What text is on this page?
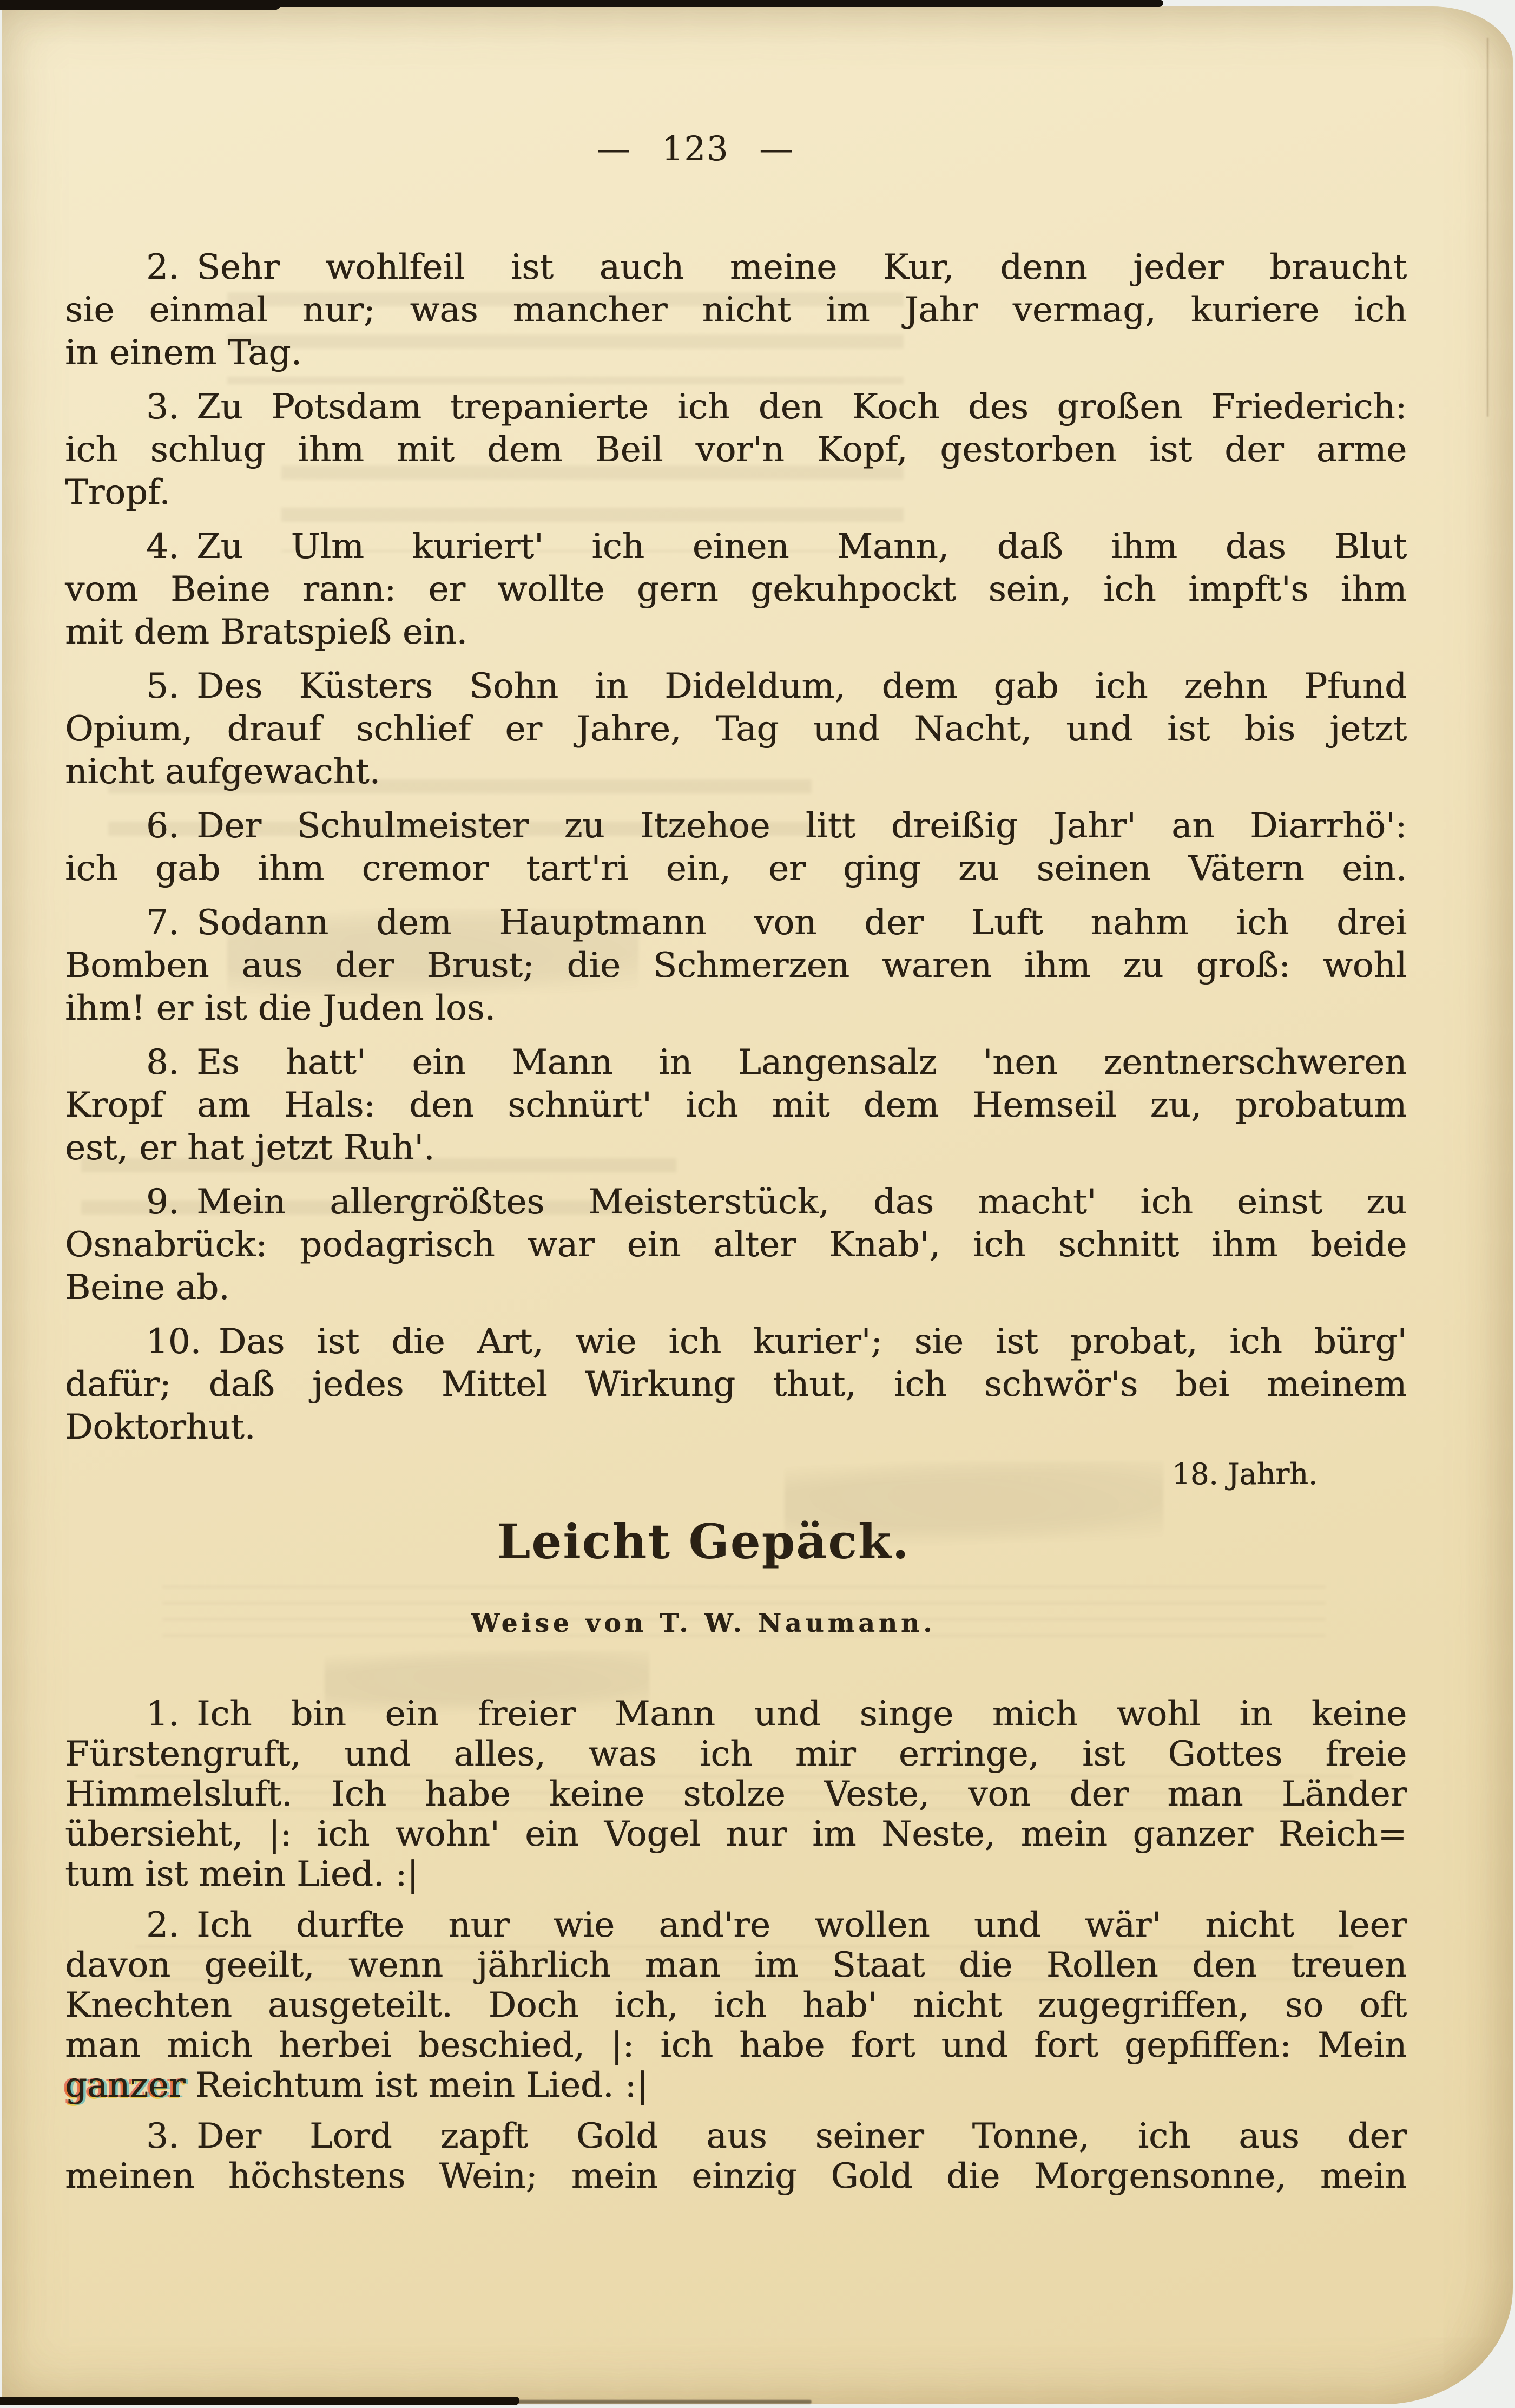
— 123 —
2. Sehr wohlfeil ist auch meine Kur, denn jeder braucht
sie einmal nur; was mancher nicht im Jahr vermag, kuriere ich
in einem Tag.
3. Zu Potsdam trepanierte ich den Koch des großen Friederich:
ich schlug ihm mit dem Beil vor'n Kopf, gestorben ist der arme
Tropf.
4. Zu Ulm kuriert' ich einen Mann, daß ihm das Blut
vom Beine rann: er wollte gern gekuhpockt sein, ich impft's ihm
mit dem Bratspieß ein.
5. Des Küsters Sohn in Dideldum, dem gab ich zehn Pfund
Opium, drauf schlief er Jahre, Tag und Nacht, und ist bis jetzt
nicht aufgewacht.
6. Der Schulmeister zu Itzehoe litt dreißig Jahr' an Diarrhö':
ich gab ihm cremor tart'ri ein, er ging zu seinen Vätern ein.
7. Sodann dem Hauptmann von der Luft nahm ich drei
Bomben aus der Brust; die Schmerzen waren ihm zu groß: wohl
ihm! er ist die Juden los.
8. Es hatt' ein Mann in Langensalz 'nen zentnerschweren
Kropf am Hals: den schnürt' ich mit dem Hemseil zu, probatum
est, er hat jetzt Ruh'.
9. Mein allergrößtes Meisterstück, das macht' ich einst zu
Osnabrück: podagrisch war ein alter Knab', ich schnitt ihm beide
Beine ab.
10. Das ist die Art, wie ich kurier'; sie ist probat, ich bürg'
dafür; daß jedes Mittel Wirkung thut, ich schwör's bei meinem
Doktorhut.
18. Jahrh.
Leicht Gepäck.
Weise von T. W. Naumann.
1. Ich bin ein freier Mann und singe mich wohl in keine
Fürstengruft, und alles, was ich mir erringe, ist Gottes freie
Himmelsluft. Ich habe keine stolze Veste, von der man Länder
übersieht, |: ich wohn' ein Vogel nur im Neste, mein ganzer Reich=
tum ist mein Lied. :|
2. Ich durfte nur wie and're wollen und wär' nicht leer
davon geeilt, wenn jährlich man im Staat die Rollen den treuen
Knechten ausgeteilt. Doch ich, ich hab' nicht zugegriffen, so oft
man mich herbei beschied, |: ich habe fort und fort gepfiffen: Mein
ganzer Reichtum ist mein Lied. :|
3. Der Lord zapft Gold aus seiner Tonne, ich aus der
meinen höchstens Wein; mein einzig Gold die Morgensonne, mein
